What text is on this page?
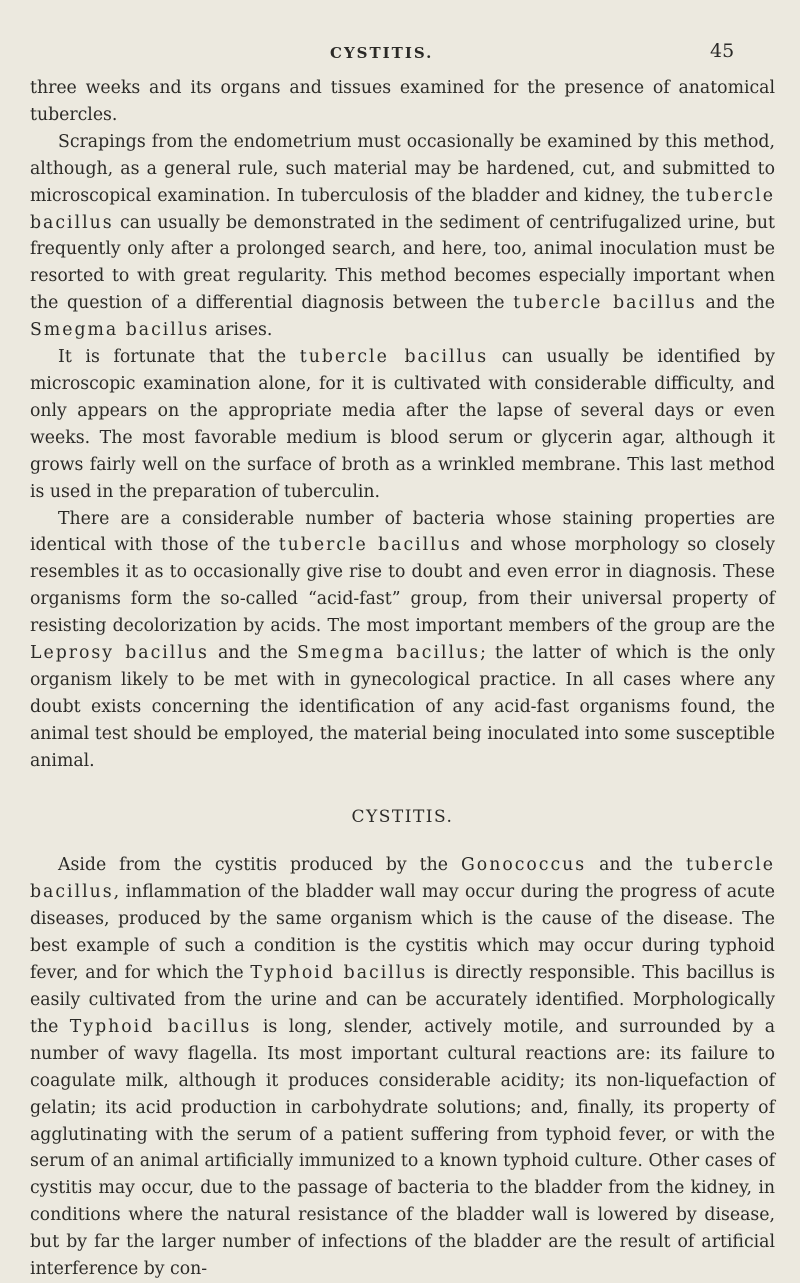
CYSTITIS.	45

three weeks and its organs and tissues examined for the presence of anatomical tubercles.

Scrapings from the endometrium must occasionally be examined by this method, although, as a general rule, such material may be hardened, cut, and submitted to microscopical examination. In tuberculosis of the bladder and kidney, the tubercle bacillus can usually be demonstrated in the sediment of centrifugalized urine, but frequently only after a prolonged search, and here, too, animal inoculation must be resorted to with great regularity. This method becomes especially important when the question of a differential diagnosis between the tubercle bacillus and the Smegma bacillus arises.

It is fortunate that the tubercle bacillus can usually be identified by microscopic examination alone, for it is cultivated with considerable difficulty, and only appears on the appropriate media after the lapse of several days or even weeks. The most favorable medium is blood serum or glycerin agar, although it grows fairly well on the surface of broth as a wrinkled membrane. This last method is used in the preparation of tuberculin.

There are a considerable number of bacteria whose staining properties are identical with those of the tubercle bacillus and whose morphology so closely resembles it as to occasionally give rise to doubt and even error in diagnosis. These organisms form the so-called “acid-fast” group, from their universal property of resisting decolorization by acids. The most important members of the group are the Leprosy bacillus and the Smegma bacillus; the latter of which is the only organism likely to be met with in gynecological practice. In all cases where any doubt exists concerning the identification of any acid-fast organisms found, the animal test should be employed, the material being inoculated into some susceptible animal.

CYSTITIS.

Aside from the cystitis produced by the Gonococcus and the tubercle bacillus, inflammation of the bladder wall may occur during the progress of acute diseases, produced by the same organism which is the cause of the disease. The best example of such a condition is the cystitis which may occur during typhoid fever, and for which the Typhoid bacillus is directly responsible. This bacillus is easily cultivated from the urine and can be accurately identified. Morphologically the Typhoid bacillus is long, slender, actively motile, and surrounded by a number of wavy flagella. Its most important cultural reactions are: its failure to coagulate milk, although it produces considerable acidity; its non-liquefaction of gelatin; its acid production in carbohydrate solutions; and, finally, its property of agglutinating with the serum of a patient suffering from typhoid fever, or with the serum of an animal artificially immunized to a known typhoid culture. Other cases of cystitis may occur, due to the passage of bacteria to the bladder from the kidney, in conditions where the natural resistance of the bladder wall is lowered by disease, but by far the larger number of infections of the bladder are the result of artificial interference by con-
